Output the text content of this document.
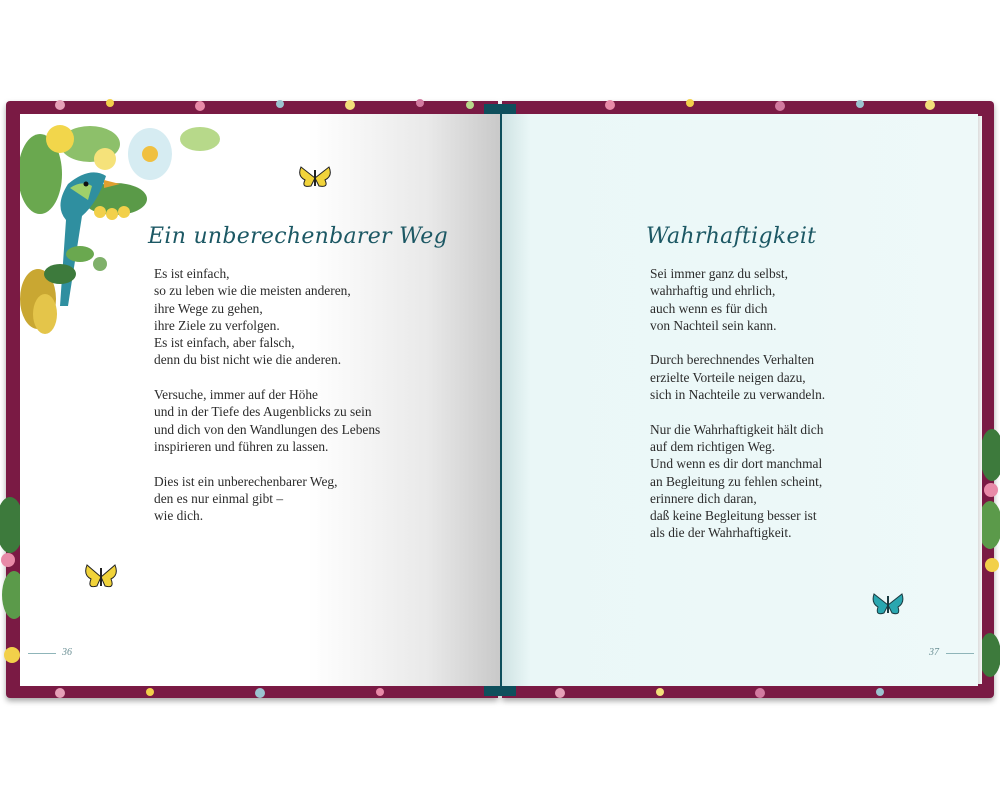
Ein unberechenbarer Weg

Es ist einfach,
so zu leben wie die meisten anderen,
ihre Wege zu gehen,
ihre Ziele zu verfolgen.
Es ist einfach, aber falsch,
denn du bist nicht wie die anderen.

Versuche, immer auf der Höhe
und in der Tiefe des Augenblicks zu sein
und dich von den Wandlungen des Lebens
inspirieren und führen zu lassen.

Dies ist ein unberechenbarer Weg,
den es nur einmal gibt –
wie dich.

36
Wahrhaftigkeit

Sei immer ganz du selbst,
wahrhaftig und ehrlich,
auch wenn es für dich
von Nachteil sein kann.

Durch berechnendes Verhalten
erzielte Vorteile neigen dazu,
sich in Nachteile zu verwandeln.

Nur die Wahrhaftigkeit hält dich
auf dem richtigen Weg.
Und wenn es dir dort manchmal
an Begleitung zu fehlen scheint,
erinnere dich daran,
daß keine Begleitung besser ist
als die der Wahrhaftigkeit.

37
